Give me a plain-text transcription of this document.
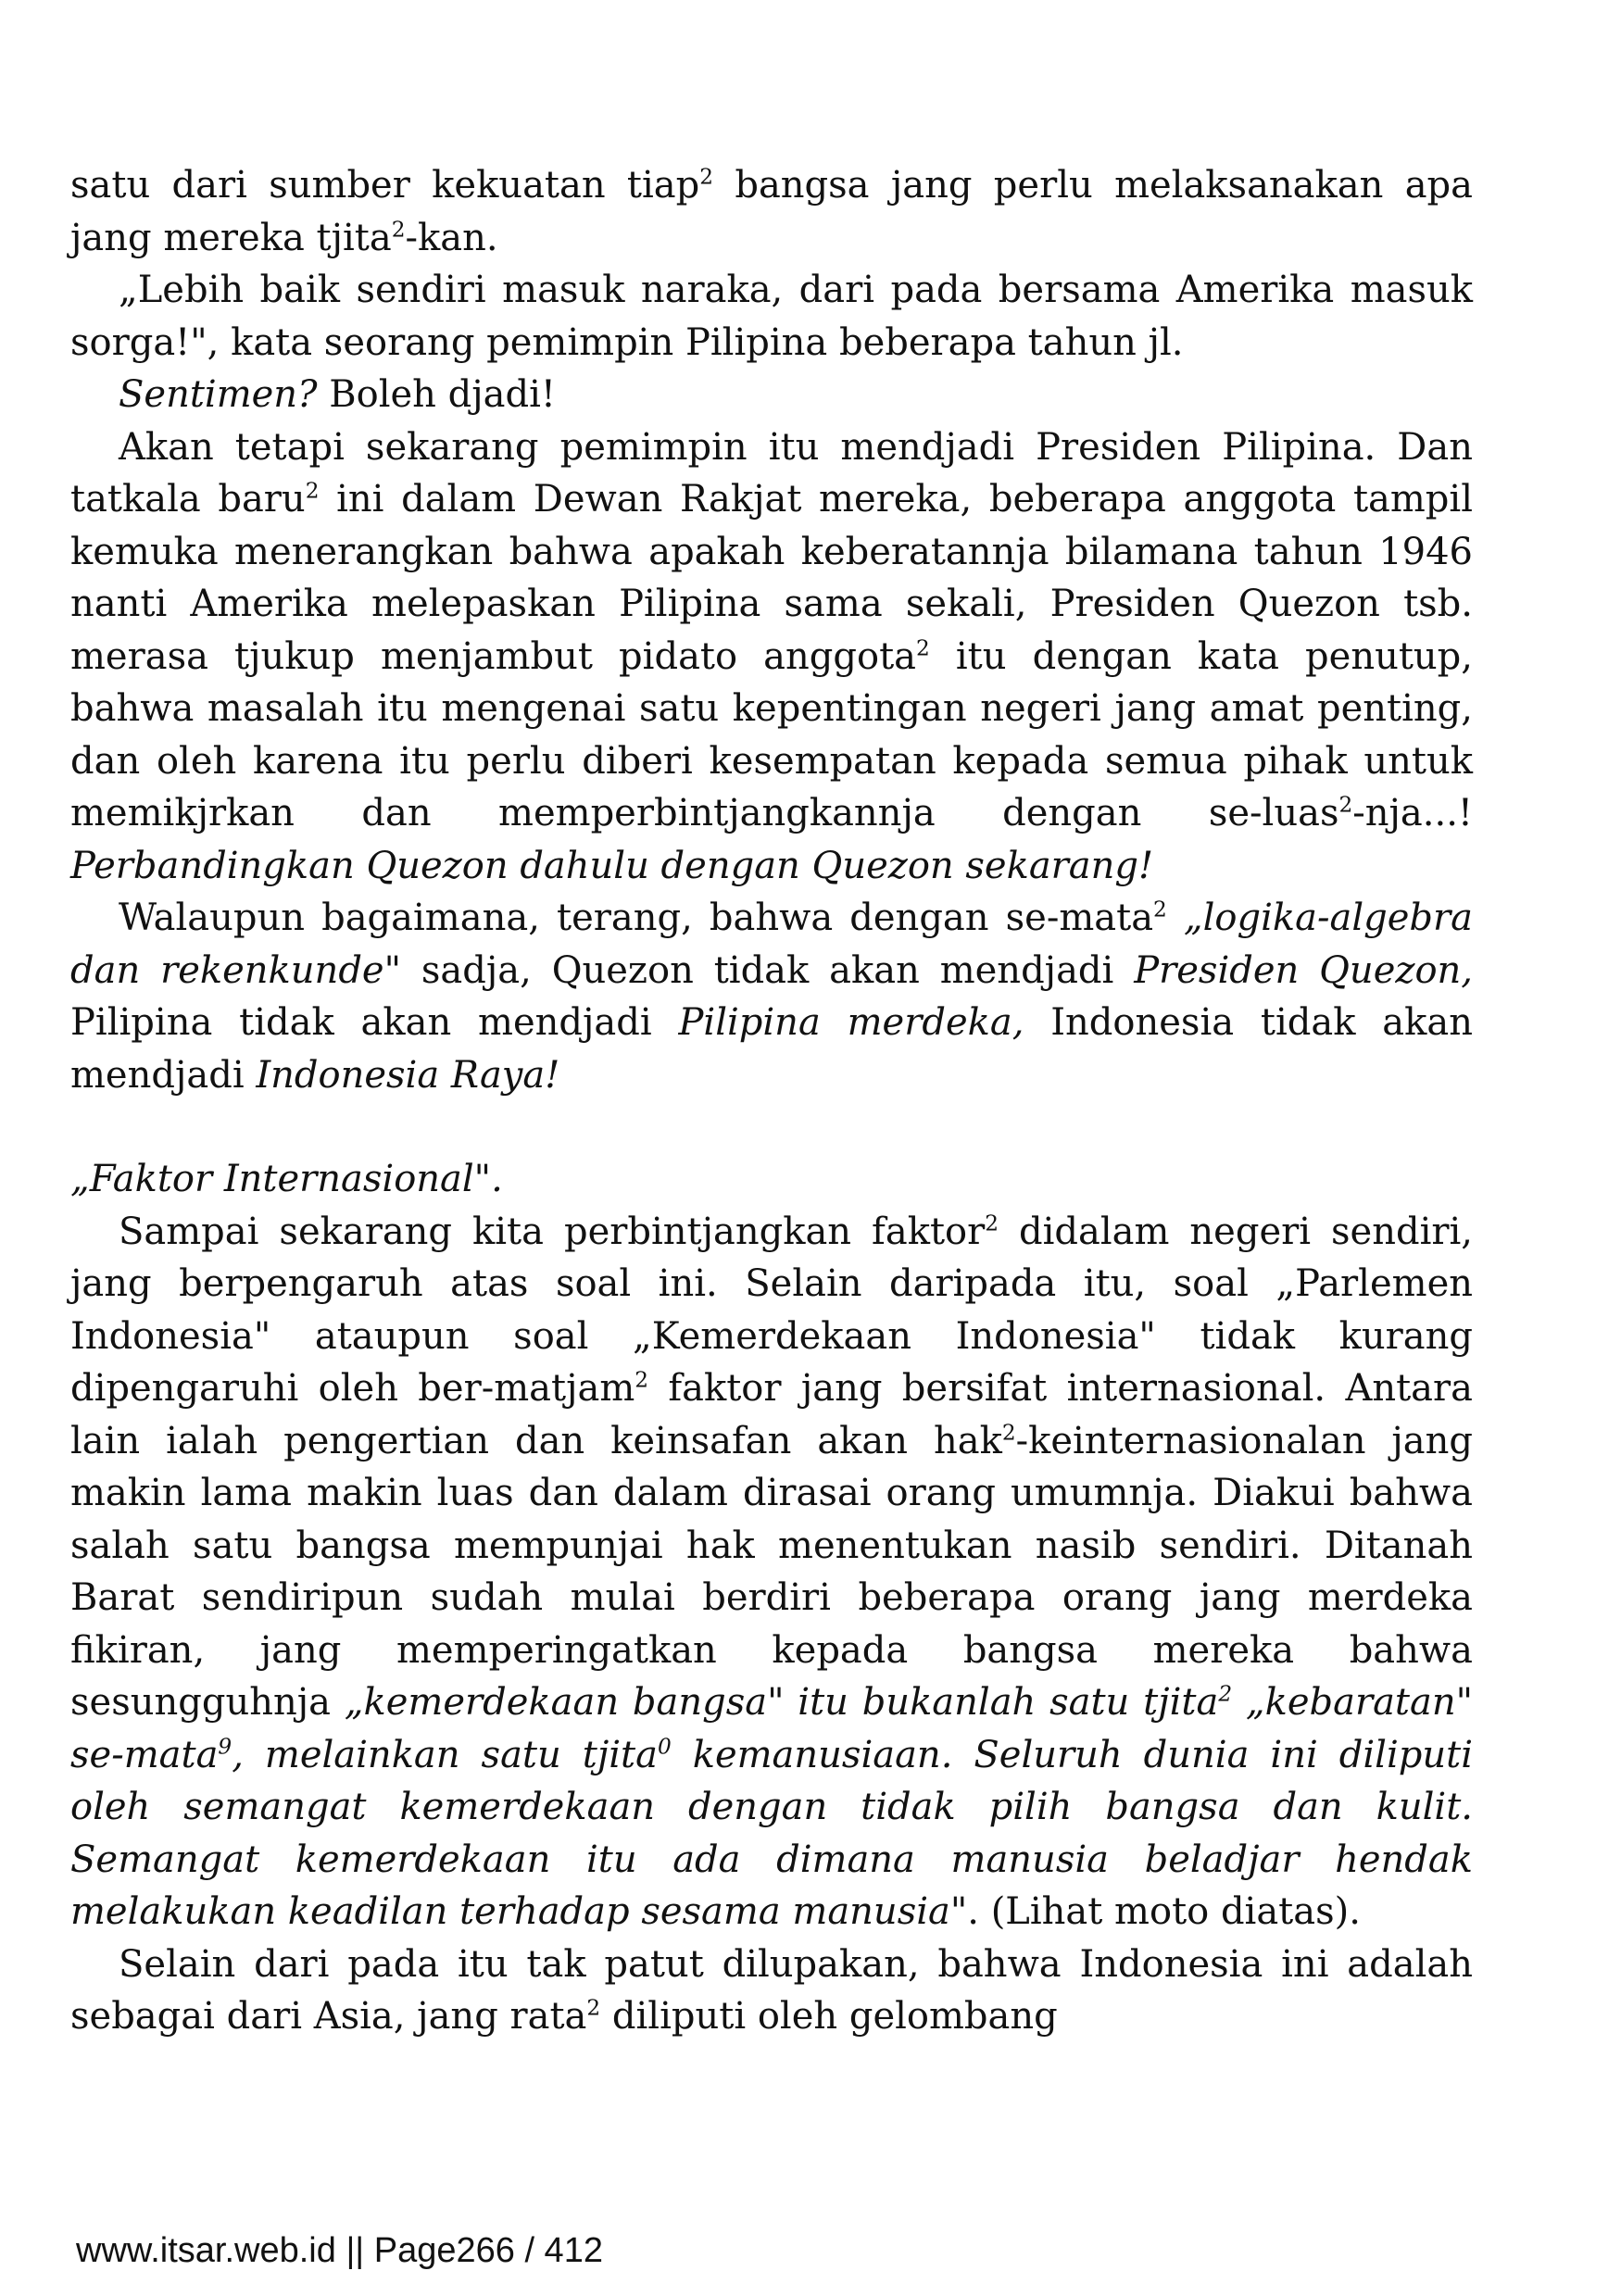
satu dari sumber kekuatan tiap$^2$ bangsa jang perlu melaksanakan apa jang mereka tjita$^2$-kan.

„Lebih baik sendiri masuk naraka, dari pada bersama Amerika masuk sorga!", kata seorang pemimpin Pilipina beberapa tahun jl.

Sentimen? Boleh djadi!

Akan tetapi sekarang pemimpin itu mendjadi Presiden Pilipina. Dan tatkala baru$^2$ ini dalam Dewan Rakjat mereka, beberapa anggota tampil kemuka menerangkan bahwa apakah keberatannja bilamana tahun 1946 nanti Amerika melepaskan Pilipina sama sekali, Presiden Quezon tsb. merasa tjukup menjambut pidato anggota$^2$ itu dengan kata penutup, bahwa masalah itu mengenai satu kepentingan negeri jang amat penting, dan oleh karena itu perlu diberi kesempatan kepada semua pihak untuk memikjrkan dan memperbintjangkannja dengan se-luas$^2$-nja...! Perbandingkan Quezon dahulu dengan Quezon sekarang!

Walaupun bagaimana, terang, bahwa dengan se-mata$^2$ „logika-algebra dan rekenkunde" sadja, Quezon tidak akan mendjadi Presiden Quezon, Pilipina tidak akan mendjadi Pilipina merdeka, Indonesia tidak akan mendjadi Indonesia Raya!

„Faktor Internasional".

Sampai sekarang kita perbintjangkan faktor$^2$ didalam negeri sendiri, jang berpengaruh atas soal ini. Selain daripada itu, soal „Parlemen Indonesia" ataupun soal „Kemerdekaan Indonesia" tidak kurang dipengaruhi oleh ber-matjam$^2$ faktor jang bersifat internasional. Antara lain ialah pengertian dan keinsafan akan hak$^2$-keinternasionalan jang makin lama makin luas dan dalam dirasai orang umumnja. Diakui bahwa salah satu bangsa mempunjai hak menentukan nasib sendiri. Ditanah Barat sendiripun sudah mulai berdiri beberapa orang jang merdeka fikiran, jang memperingatkan kepada bangsa mereka bahwa sesungguhnja „kemerdekaan bangsa" itu bukanlah satu tjita$^2$ „kebaratan" se-mata$^9$, melainkan satu tjita$^0$ kemanusiaan. Seluruh dunia ini diliputi oleh semangat kemerdekaan dengan tidak pilih bangsa dan kulit. Semangat kemerdekaan itu ada dimana manusia beladjar hendak melakukan keadilan terhadap sesama manusia". (Lihat moto diatas).

Selain dari pada itu tak patut dilupakan, bahwa Indonesia ini adalah sebagai dari Asia, jang rata$^2$ diliputi oleh gelombang

www.itsar.web.id || Page266 / 412
